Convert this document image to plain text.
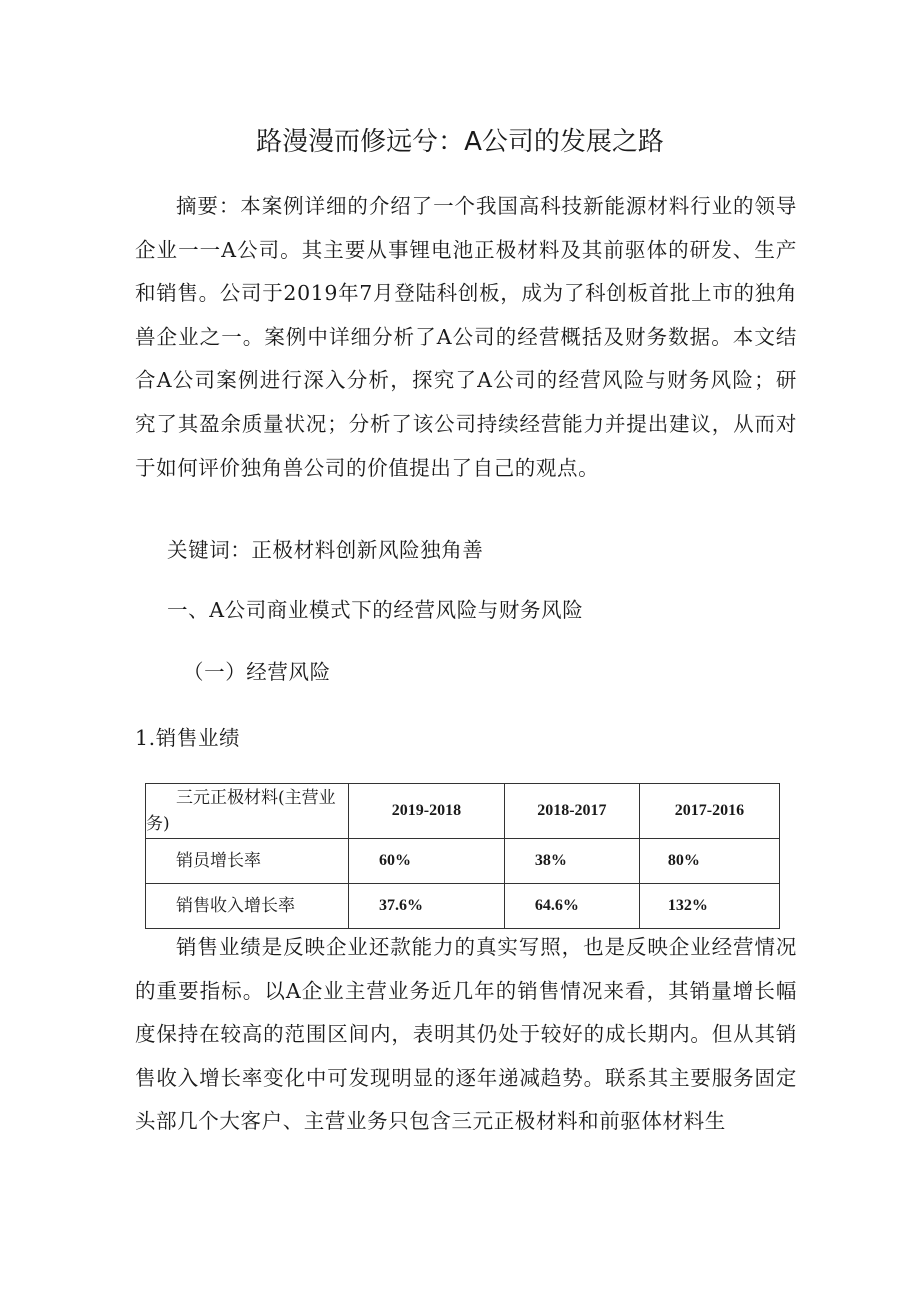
路漫漫而修远兮：A公司的发展之路

摘要：本案例详细的介绍了一个我国高科技新能源材料行业的领导企业一一A公司。其主要从事锂电池正极材料及其前驱体的研发、生产和销售。公司于2019年7月登陆科创板，成为了科创板首批上市的独角兽企业之一。案例中详细分析了A公司的经营概括及财务数据。本文结合A公司案例进行深入分析，探究了A公司的经营风险与财务风险；研究了其盈余质量状况；分析了该公司持续经营能力并提出建议，从而对于如何评价独角兽公司的价值提出了自己的观点。

关键词：正极材料创新风险独角善
一、A公司商业模式下的经营风险与财务风险
（一）经营风险
1.销售业绩
三元正极材料(主营业务)	2019-2018	2018-2017	2017-2016
销员增长率	60%	38%	80%
销售收入增长率	37.6%	64.6%	132%

销售业绩是反映企业还款能力的真实写照，也是反映企业经营情况的重要指标。以A企业主营业务近几年的销售情况来看，其销量增长幅度保持在较高的范围区间内，表明其仍处于较好的成长期内。但从其销售收入增长率变化中可发现明显的逐年递减趋势。联系其主要服务固定头部几个大客户、主营业务只包含三元正极材料和前驱体材料生
